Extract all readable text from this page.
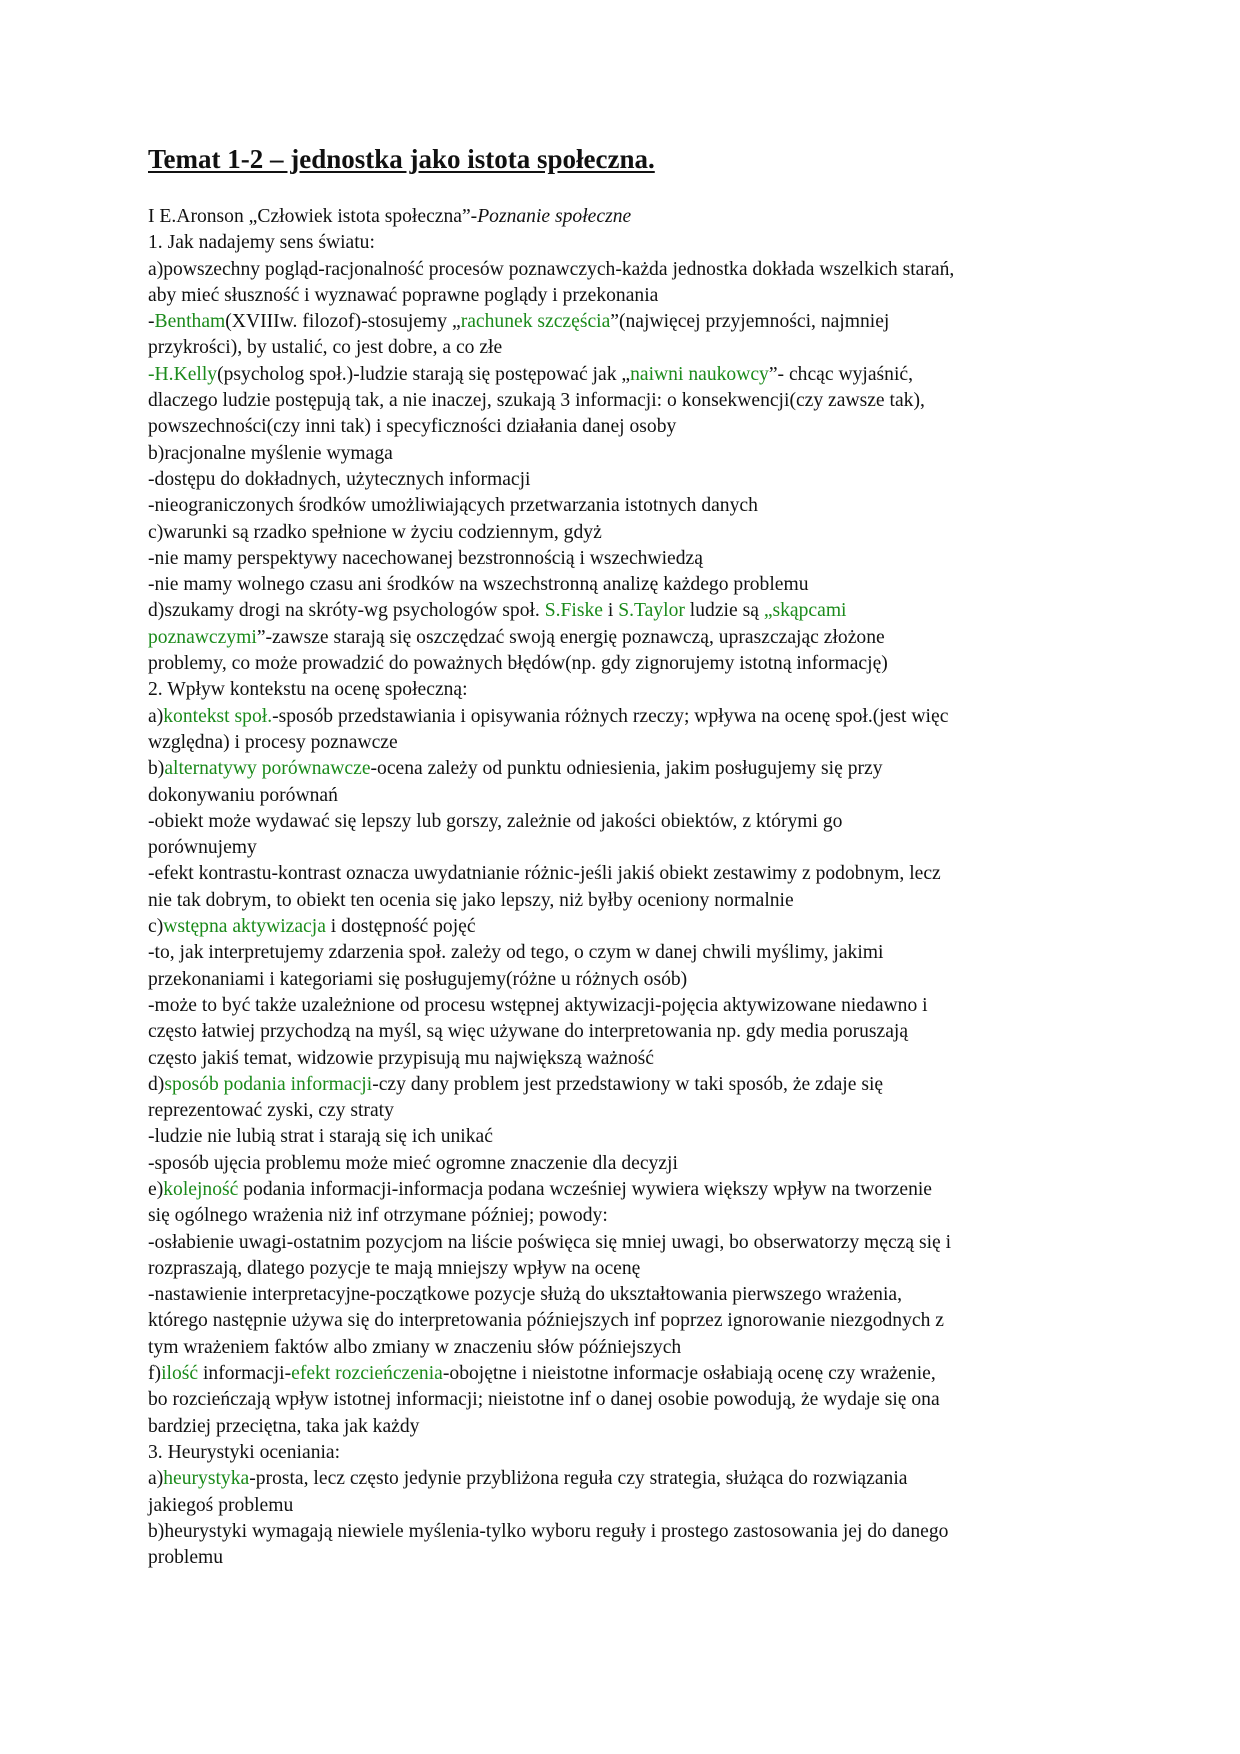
Temat 1-2 – jednostka jako istota społeczna.
I E.Aronson „Człowiek istota społeczna”-Poznanie społeczne
1. Jak nadajemy sens światu:
a)powszechny pogląd-racjonalność procesów poznawczych-każda jednostka dokłada wszelkich starań,
aby mieć słuszność i wyznawać poprawne poglądy i przekonania
-Bentham(XVIIIw. filozof)-stosujemy „rachunek szczęścia”(najwięcej przyjemności, najmniej
przykrości), by ustalić, co jest dobre, a co złe
-H.Kelly(psycholog społ.)-ludzie starają się postępować jak „naiwni naukowcy”- chcąc wyjaśnić,
dlaczego ludzie postępują tak, a nie inaczej, szukają 3 informacji: o konsekwencji(czy zawsze tak),
powszechności(czy inni tak) i specyficzności działania danej osoby
b)racjonalne myślenie wymaga
-dostępu do dokładnych, użytecznych informacji
-nieograniczonych środków umożliwiających przetwarzania istotnych danych
c)warunki są rzadko spełnione w życiu codziennym, gdyż
-nie mamy perspektywy nacechowanej bezstronnością i wszechwiedzą
-nie mamy wolnego czasu ani środków na wszechstronną analizę każdego problemu
d)szukamy drogi na skróty-wg psychologów społ. S.Fiske i S.Taylor ludzie są „skąpcami
poznawczymi”-zawsze starają się oszczędzać swoją energię poznawczą, upraszczając złożone
problemy, co może prowadzić do poważnych błędów(np. gdy zignorujemy istotną informację)
2. Wpływ kontekstu na ocenę społeczną:
a)kontekst społ.-sposób przedstawiania i opisywania różnych rzeczy; wpływa na ocenę społ.(jest więc
względna) i procesy poznawcze
b)alternatywy porównawcze-ocena zależy od punktu odniesienia, jakim posługujemy się przy
dokonywaniu porównań
-obiekt może wydawać się lepszy lub gorszy, zależnie od jakości obiektów, z którymi go
porównujemy
-efekt kontrastu-kontrast oznacza uwydatnianie różnic-jeśli jakiś obiekt zestawimy z podobnym, lecz
nie tak dobrym, to obiekt ten ocenia się jako lepszy, niż byłby oceniony normalnie
c)wstępna aktywizacja i dostępność pojęć
-to, jak interpretujemy zdarzenia społ. zależy od tego, o czym w danej chwili myślimy, jakimi
przekonaniami i kategoriami się posługujemy(różne u różnych osób)
-może to być także uzależnione od procesu wstępnej aktywizacji-pojęcia aktywizowane niedawno i
często łatwiej przychodzą na myśl, są więc używane do interpretowania np. gdy media poruszają
często jakiś temat, widzowie przypisują mu największą ważność
d)sposób podania informacji-czy dany problem jest przedstawiony w taki sposób, że zdaje się
reprezentować zyski, czy straty
-ludzie nie lubią strat i starają się ich unikać
-sposób ujęcia problemu może mieć ogromne znaczenie dla decyzji
e)kolejność podania informacji-informacja podana wcześniej wywiera większy wpływ na tworzenie
się ogólnego wrażenia niż inf otrzymane później; powody:
-osłabienie uwagi-ostatnim pozycjom na liście poświęca się mniej uwagi, bo obserwatorzy męczą się i
rozpraszają, dlatego pozycje te mają mniejszy wpływ na ocenę
-nastawienie interpretacyjne-początkowe pozycje służą do ukształtowania pierwszego wrażenia,
którego następnie używa się do interpretowania późniejszych inf poprzez ignorowanie niezgodnych z
tym wrażeniem faktów albo zmiany w znaczeniu słów późniejszych
f)ilość informacji-efekt rozcieńczenia-obojętne i nieistotne informacje osłabiają ocenę czy wrażenie,
bo rozcieńczają wpływ istotnej informacji; nieistotne inf o danej osobie powodują, że wydaje się ona
bardziej przeciętna, taka jak każdy
3. Heurystyki oceniania:
a)heurystyka-prosta, lecz często jedynie przybliżona reguła czy strategia, służąca do rozwiązania
jakiegoś problemu
b)heurystyki wymagają niewiele myślenia-tylko wyboru reguły i prostego zastosowania jej do danego
problemu
